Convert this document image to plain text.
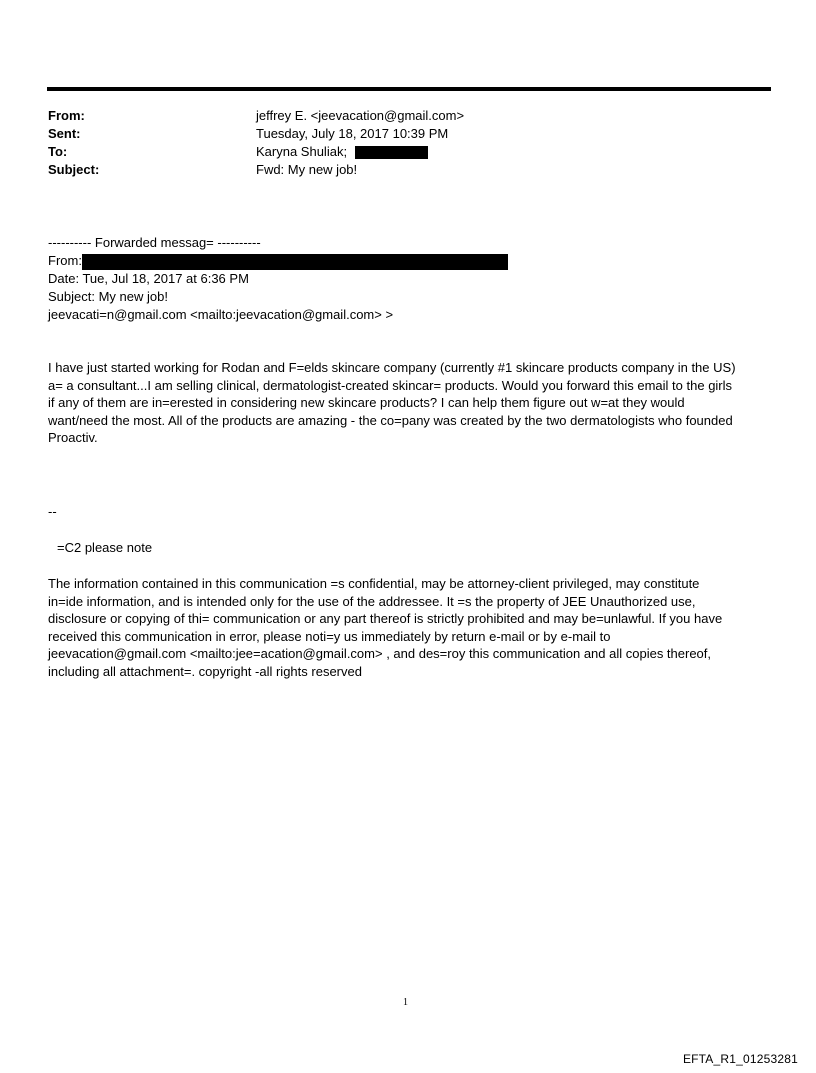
From:	jeffrey E. <jeevacation@gmail.com>
Sent:	Tuesday, July 18, 2017 10:39 PM
To:	Karyna Shuliak;
Subject:	Fwd: My new job!
---------- Forwarded messag= ----------
From:
Date: Tue, Jul 18, 2017 at 6:36 PM
Subject: My new job!
jeevacati=n@gmail.com <mailto:jeevacation@gmail.com> >
I have just started working for Rodan and F=elds skincare company (currently #1 skincare products company in the US)
a= a consultant...I am selling clinical, dermatologist-created skincar= products. Would you forward this email to the girls
if any of them are in=erested in considering new skincare products? I can help them figure out w=at they would
want/need the most. All of the products are amazing - the co=pany was created by the two dermatologists who founded
Proactiv.
--
=C2 please note
The information contained in this communication =s confidential, may be attorney-client privileged, may constitute
in=ide information, and is intended only for the use of the addressee. It =s the property of JEE Unauthorized use,
disclosure or copying of thi= communication or any part thereof is strictly prohibited and may be=unlawful. If you have
received this communication in error, please noti=y us immediately by return e-mail or by e-mail to
jeevacation@gmail.com <mailto:jee=acation@gmail.com> , and des=roy this communication and all copies thereof,
including all attachment=. copyright -all rights reserved
1
EFTA_R1_01253281
